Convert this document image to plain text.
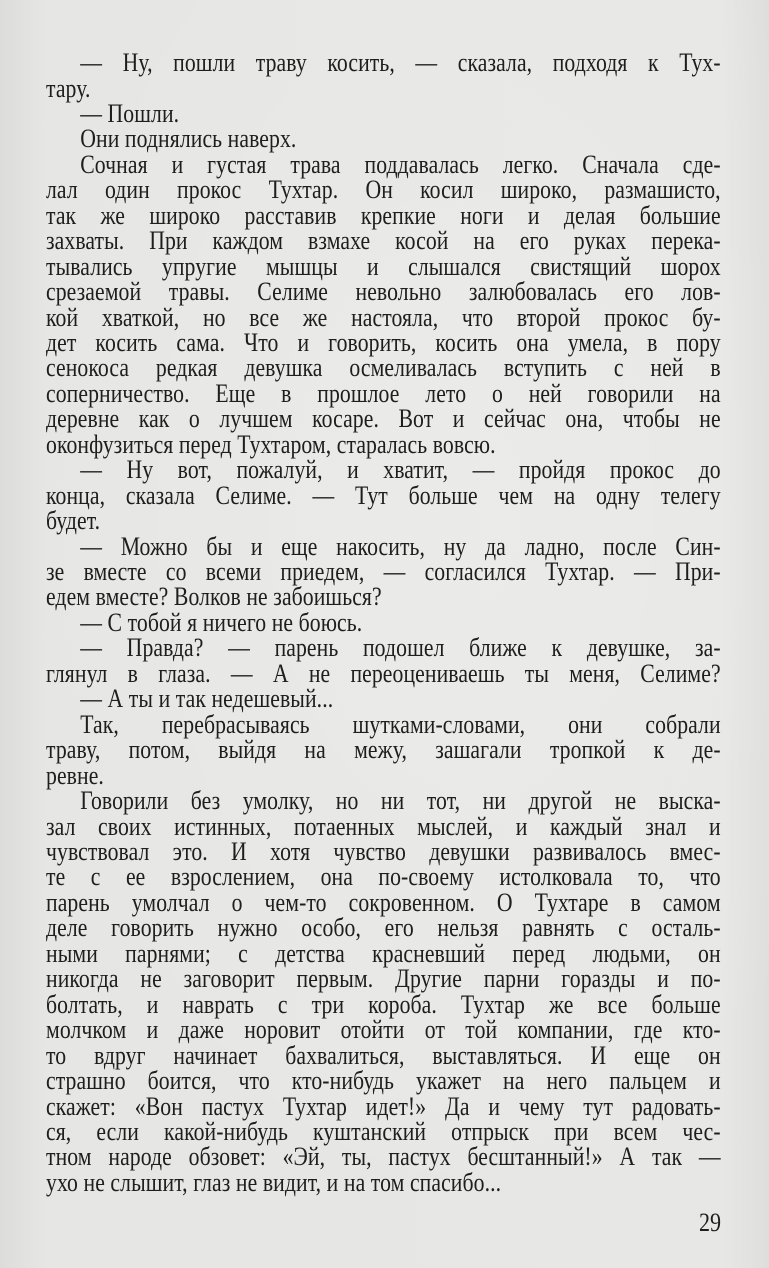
— Ну, пошли траву косить, — сказала, подходя к Тух-
тару.
— Пошли.
Они поднялись наверх.
Сочная и густая трава поддавалась легко. Сначала сде-
лал один прокос Тухтар. Он косил широко, размашисто,
так же широко расставив крепкие ноги и делая большие
захваты. При каждом взмахе косой на его руках перека-
тывались упругие мышцы и слышался свистящий шорох
срезаемой травы. Селиме невольно залюбовалась его лов-
кой хваткой, но все же настояла, что второй прокос бу-
дет косить сама. Что и говорить, косить она умела, в пору
сенокоса редкая девушка осмеливалась вступить с ней в
соперничество. Еще в прошлое лето о ней говорили на
деревне как о лучшем косаре. Вот и сейчас она, чтобы не
оконфузиться перед Тухтаром, старалась вовсю.
— Ну вот, пожалуй, и хватит, — пройдя прокос до
конца, сказала Селиме. — Тут больше чем на одну телегу
будет.
— Можно бы и еще накосить, ну да ладно, после Син-
зе вместе со всеми приедем, — согласился Тухтар. — При-
едем вместе? Волков не забоишься?
— С тобой я ничего не боюсь.
— Правда? — парень подошел ближе к девушке, за-
глянул в глаза. — А не переоцениваешь ты меня, Селиме?
— А ты и так недешевый...
Так, перебрасываясь шутками-словами, они собрали
траву, потом, выйдя на межу, зашагали тропкой к де-
ревне.
Говорили без умолку, но ни тот, ни другой не выска-
зал своих истинных, потаенных мыслей, и каждый знал и
чувствовал это. И хотя чувство девушки развивалось вмес-
те с ее взрослением, она по-своему истолковала то, что
парень умолчал о чем-то сокровенном. О Тухтаре в самом
деле говорить нужно особо, его нельзя равнять с осталь-
ными парнями; с детства красневший перед людьми, он
никогда не заговорит первым. Другие парни горазды и по-
болтать, и наврать с три короба. Тухтар же все больше
молчком и даже норовит отойти от той компании, где кто-
то вдруг начинает бахвалиться, выставляться. И еще он
страшно боится, что кто-нибудь укажет на него пальцем и
скажет: «Вон пастух Тухтар идет!» Да и чему тут радовать-
ся, если какой-нибудь куштанский отпрыск при всем чес-
тном народе обзовет: «Эй, ты, пастух бесштанный!» А так —
ухо не слышит, глаз не видит, и на том спасибо...
29
